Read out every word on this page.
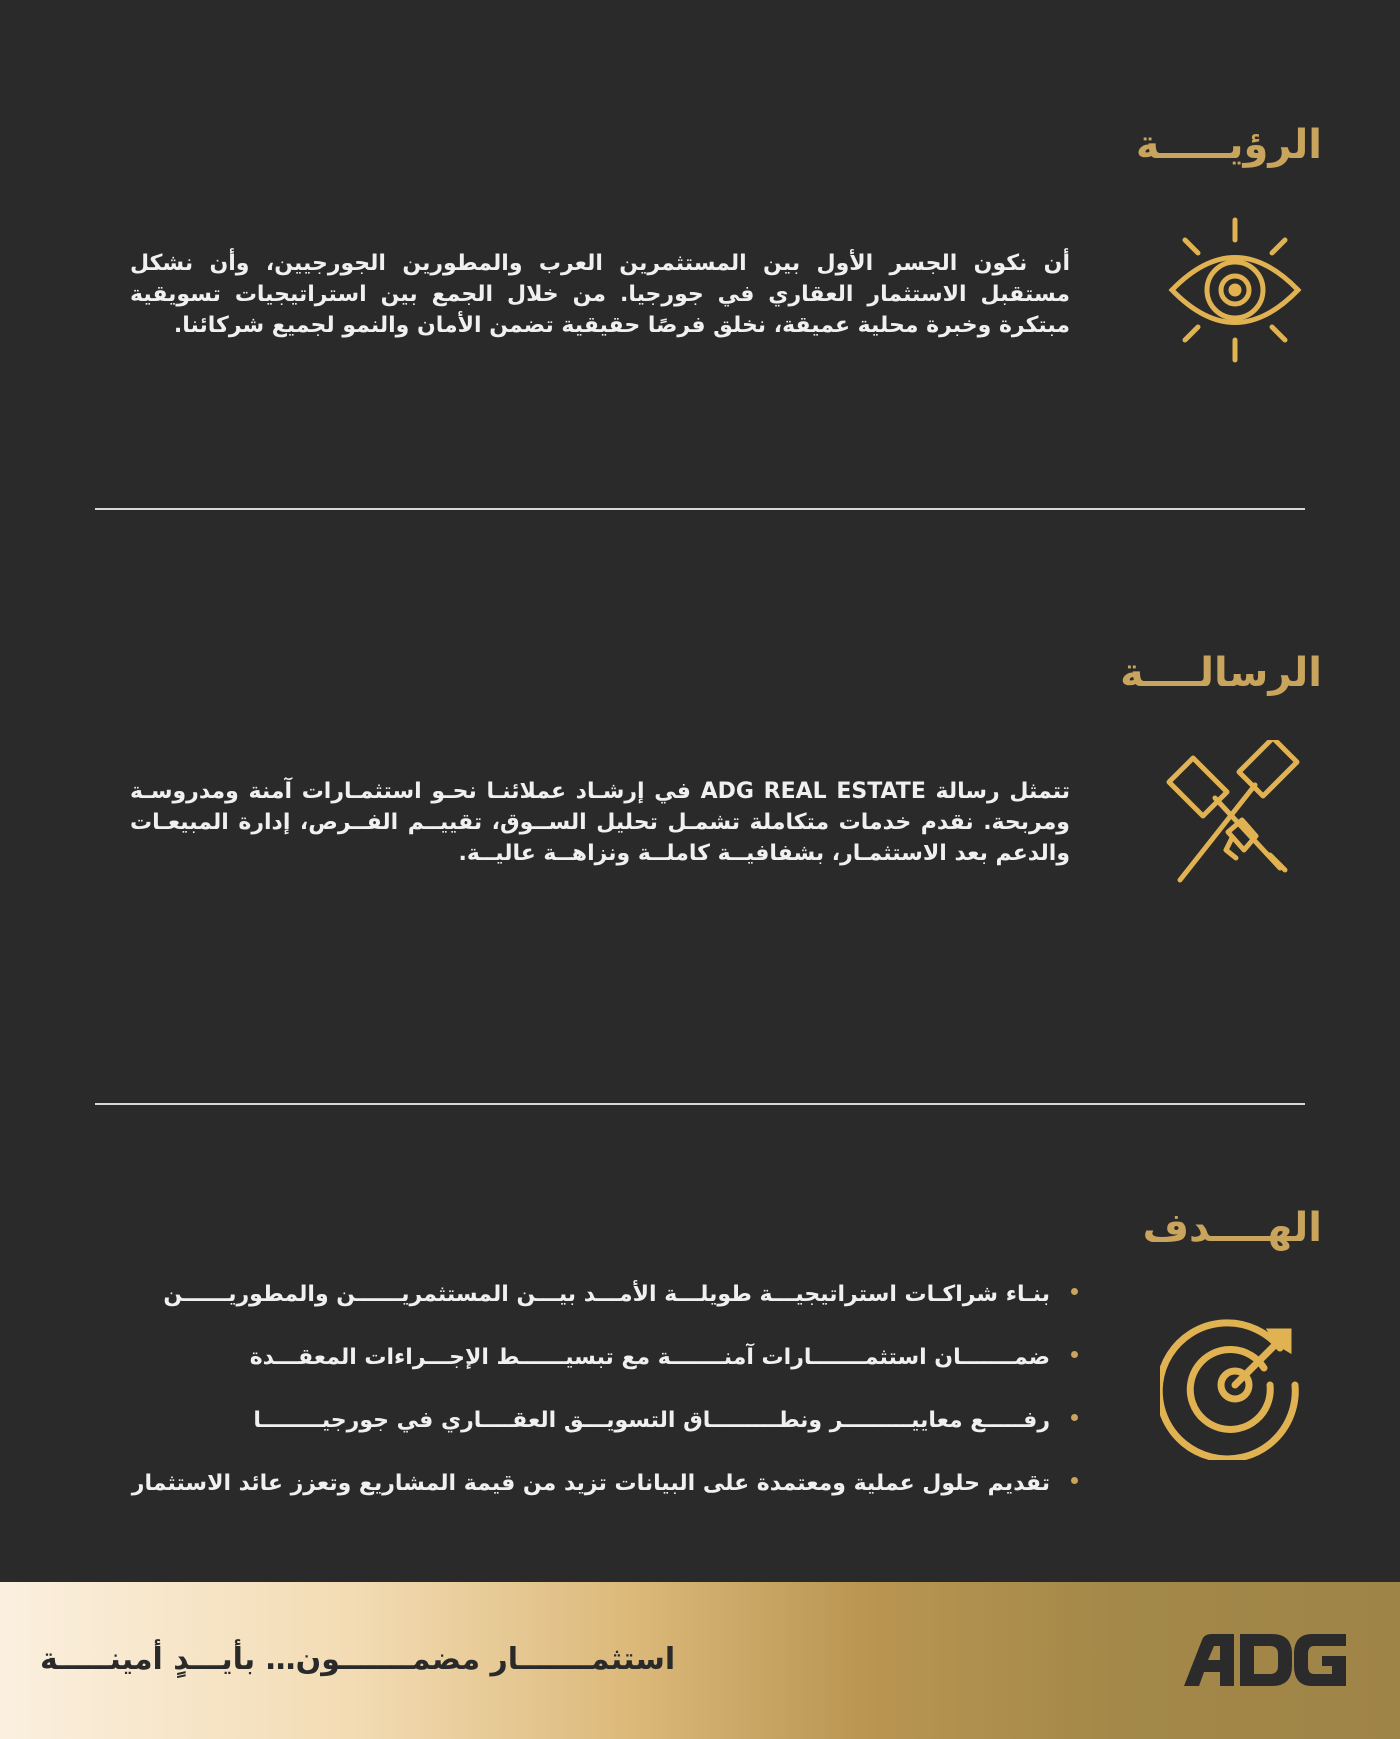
الرؤيـــــة
أن نكون الجسر الأول بين المستثمرين العرب والمطورين الجورجيين، وأن نشكل مستقبل الاستثمار العقاري في جورجيا. من خلال الجمع بين استراتيجيات تسويقية مبتكرة وخبرة محلية عميقة، نخلق فرصًا حقيقية تضمن الأمان والنمو لجميع شركائنا.
الرسالــــة
تتمثل رسالة ADG REAL ESTATE في إرشـاد عملائنـا نحـو استثمـارات آمنة ومدروسـة ومربحة. نقدم خدمات متكاملة تشمـل تحليل الســوق، تقييــم الفــرص، إدارة المبيعـات والدعم بعد الاستثمـار، بشفافيــة كاملــة ونزاهــة عاليــة.
الهــــدف
بنـاء شراكـات استراتيجيـــة طويلـــة الأمـــد بيـــن المستثمريــــــن والمطوريــــــن
ضمـــــــان استثمـــــــارات آمنـــــــة مع تبسيــــــط الإجـــراءات المعقـــدة
رفـــــع معاييـــــــــر ونطـــــــــاق التسويـــق العقــــاري في جورجيــــــــا
تقديم حلول عملية ومعتمدة على البيانات تزيد من قيمة المشاريع وتعزز عائد الاستثمار
استثمـــــــار مضمـــــــون… بأيـــدٍ أمينـــــة
